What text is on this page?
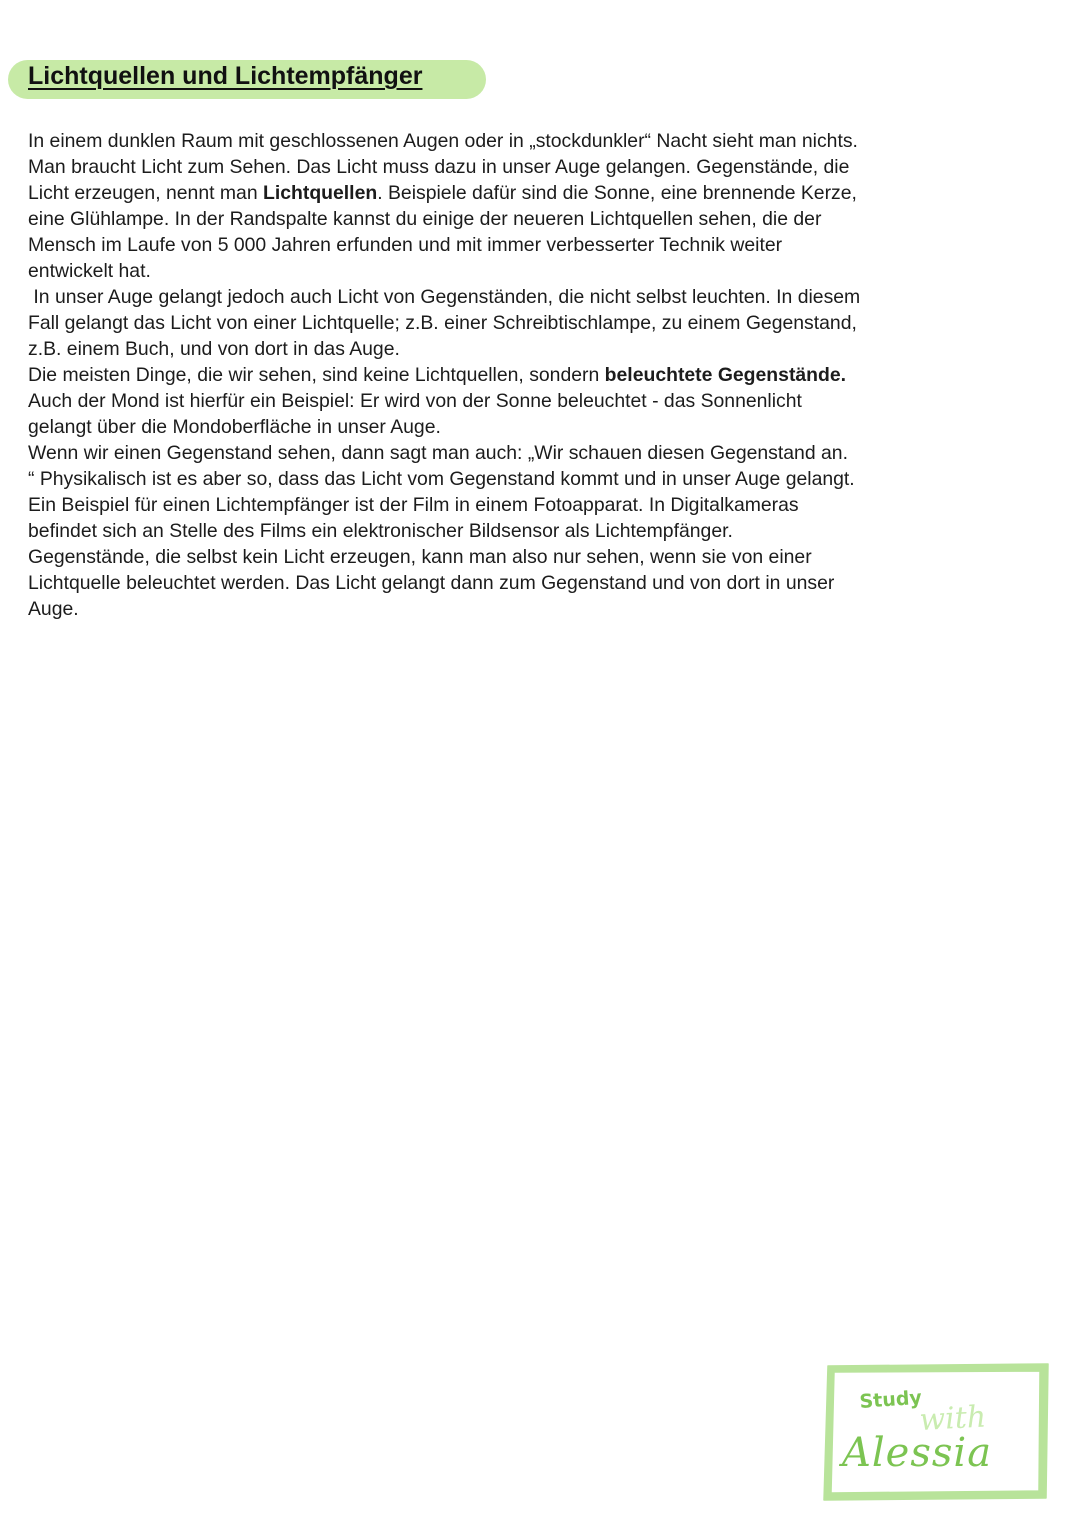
Lichtquellen und Lichtempfänger
In einem dunklen Raum mit geschlossenen Augen oder in „stockdunkler“ Nacht sieht man nichts.
Man braucht Licht zum Sehen. Das Licht muss dazu in unser Auge gelangen. Gegenstände, die
Licht erzeugen, nennt man Lichtquellen. Beispiele dafür sind die Sonne, eine brennende Kerze,
eine Glühlampe. In der Randspalte kannst du einige der neueren Lichtquellen sehen, die der
Mensch im Laufe von 5 000 Jahren erfunden und mit immer verbesserter Technik weiter
entwickelt hat.
In unser Auge gelangt jedoch auch Licht von Gegenständen, die nicht selbst leuchten. In diesem
Fall gelangt das Licht von einer Lichtquelle; z.B. einer Schreibtischlampe, zu einem Gegenstand,
z.B. einem Buch, und von dort in das Auge.
Die meisten Dinge, die wir sehen, sind keine Lichtquellen, sondern beleuchtete Gegenstände.
Auch der Mond ist hierfür ein Beispiel: Er wird von der Sonne beleuchtet - das Sonnenlicht
gelangt über die Mondoberfläche in unser Auge.
Wenn wir einen Gegenstand sehen, dann sagt man auch: „Wir schauen diesen Gegenstand an.
“ Physikalisch ist es aber so, dass das Licht vom Gegenstand kommt und in unser Auge gelangt.
Ein Beispiel für einen Lichtempfänger ist der Film in einem Fotoapparat. In Digitalkameras
befindet sich an Stelle des Films ein elektronischer Bildsensor als Lichtempfänger.
Gegenstände, die selbst kein Licht erzeugen, kann man also nur sehen, wenn sie von einer
Lichtquelle beleuchtet werden. Das Licht gelangt dann zum Gegenstand und von dort in unser
Auge.
Study
with
Alessia
